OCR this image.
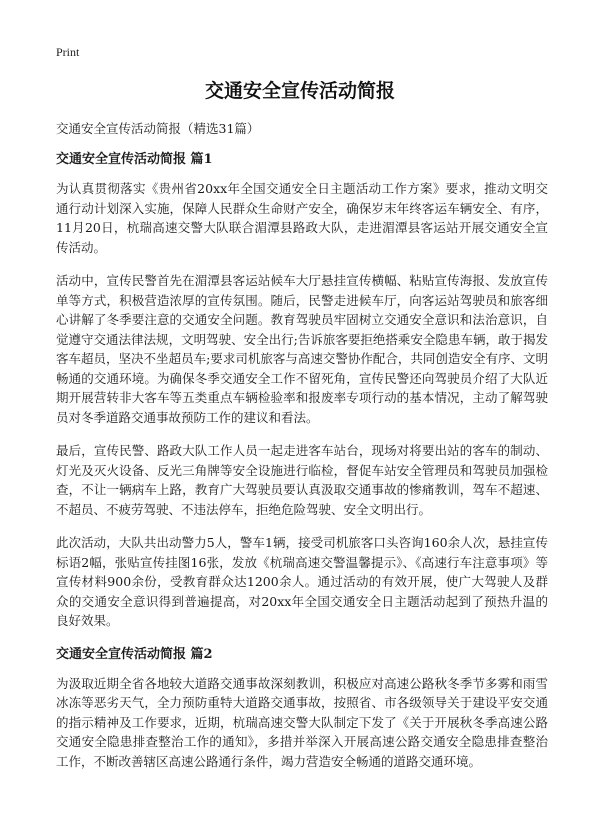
Print
交通安全宣传活动简报

交通安全宣传活动简报（精选31篇）

交通安全宣传活动简报 篇1

为认真贯彻落实《贵州省20xx年全国交通安全日主题活动工作方案》要求，推动文明交通行动计划深入实施，保障人民群众生命财产安全，确保岁末年终客运车辆安全、有序，11月20日，杭瑞高速交警大队联合湄潭县路政大队，走进湄潭县客运站开展交通安全宣传活动。

活动中，宣传民警首先在湄潭县客运站候车大厅悬挂宣传横幅、粘贴宣传海报、发放宣传单等方式，积极营造浓厚的宣传氛围。随后，民警走进候车厅，向客运站驾驶员和旅客细心讲解了冬季要注意的交通安全问题。教育驾驶员牢固树立交通安全意识和法治意识，自觉遵守交通法律法规，文明驾驶、安全出行;告诉旅客要拒绝搭乘安全隐患车辆，敢于揭发客车超员，坚决不坐超员车;要求司机旅客与高速交警协作配合，共同创造安全有序、文明畅通的交通环境。为确保冬季交通安全工作不留死角，宣传民警还向驾驶员介绍了大队近期开展营转非大客车等五类重点车辆检验率和报废率专项行动的基本情况，主动了解驾驶员对冬季道路交通事故预防工作的建议和看法。

最后，宣传民警、路政大队工作人员一起走进客车站台，现场对将要出站的客车的制动、灯光及灭火设备、反光三角牌等安全设施进行临检，督促车站安全管理员和驾驶员加强检查，不让一辆病车上路，教育广大驾驶员要认真汲取交通事故的惨痛教训，驾车不超速、不超员、不疲劳驾驶、不违法停车，拒绝危险驾驶、安全文明出行。

此次活动，大队共出动警力5人，警车1辆，接受司机旅客口头咨询160余人次，悬挂宣传标语2幅，张贴宣传挂图16张，发放《杭瑞高速交警温馨提示》、《高速行车注意事项》等宣传材料900余份，受教育群众达1200余人。通过活动的有效开展，使广大驾驶人及群众的交通安全意识得到普遍提高，对20xx年全国交通安全日主题活动起到了预热升温的良好效果。

交通安全宣传活动简报 篇2

为汲取近期全省各地较大道路交通事故深刻教训，积极应对高速公路秋冬季节多雾和雨雪冰冻等恶劣天气，全力预防重特大道路交通事故，按照省、市各级领导关于建设平安交通的指示精神及工作要求，近期，杭瑞高速交警大队制定下发了《关于开展秋冬季高速公路交通安全隐患排查整治工作的通知》，多措并举深入开展高速公路交通安全隐患排查整治工作，不断改善辖区高速公路通行条件，竭力营造安全畅通的道路交通环境。
